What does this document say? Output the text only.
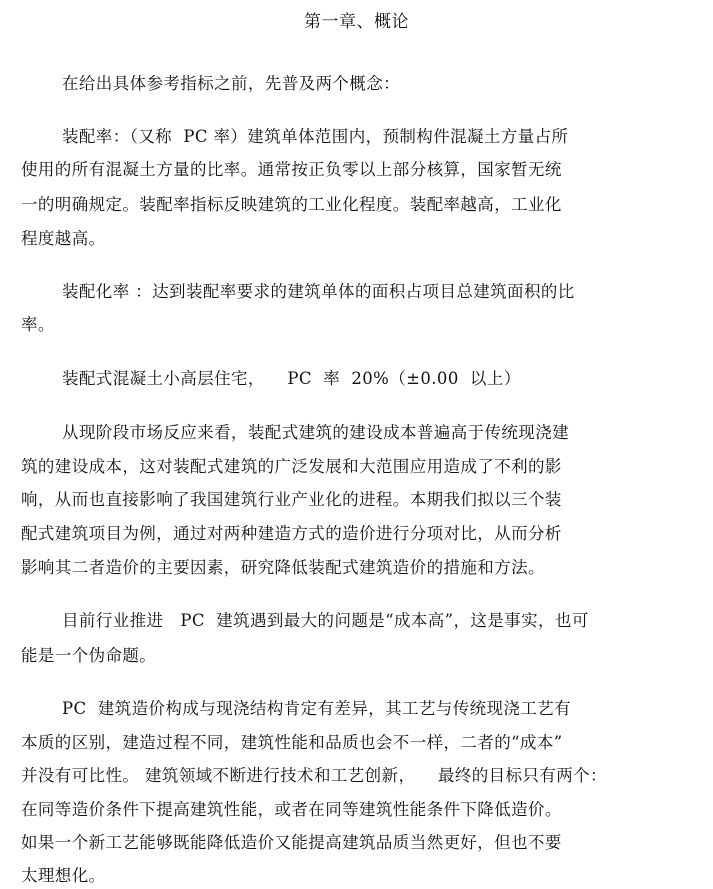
第一章、概论
在给出具体参考指标之前，先普及两个概念：
装配率：（又称  PC 率）建筑单体范围内，预制构件混凝土方量占所
使用的所有混凝土方量的比率。通常按正负零以上部分核算，国家暂无统
一的明确规定。装配率指标反映建筑的工业化程度。装配率越高，工业化
程度越高。
装配化率 ：达到装配率要求的建筑单体的面积占项目总建筑面积的比
率。
装配式混凝土小高层住宅，    PC  率  20%（±0.00  以上）
从现阶段市场反应来看，装配式建筑的建设成本普遍高于传统现浇建
筑的建设成本，这对装配式建筑的广泛发展和大范围应用造成了不利的影
响，从而也直接影响了我国建筑行业产业化的进程。本期我们拟以三个装
配式建筑项目为例，通过对两种建造方式的造价进行分项对比，从而分析
影响其二者造价的主要因素，研究降低装配式建筑造价的措施和方法。
目前行业推进   PC  建筑遇到最大的问题是“成本高”，这是事实，也可
能是一个伪命题。
PC  建筑造价构成与现浇结构肯定有差异，其工艺与传统现浇工艺有
本质的区别，建造过程不同，建筑性能和品质也会不一样，二者的“成本”
并没有可比性。 建筑领域不断进行技术和工艺创新，    最终的目标只有两个：
在同等造价条件下提高建筑性能，或者在同等建筑性能条件下降低造价。
如果一个新工艺能够既能降低造价又能提高建筑品质当然更好，但也不要
太理想化。
